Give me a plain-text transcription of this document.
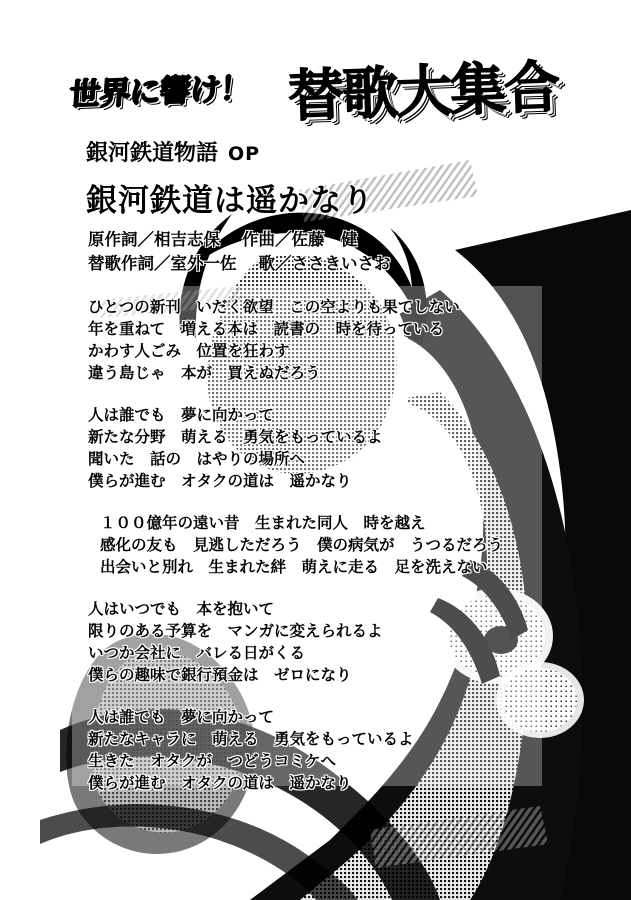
世界に響け！ 替歌大集合
銀河鉄道物語 OP
銀河鉄道は遥かなり
原作詞／相吉志保 作曲／佐藤　健
替歌作詞／室外一佐 歌／ささきいさお
ひとつの新刊　いだく欲望　この空よりも果てしない
年を重ねて　増える本は　読書の　時を待っている
かわす人ごみ　位置を狂わす
違う島じゃ　本が　買えぬだろう
人は誰でも　夢に向かって
新たな分野　萌える　勇気をもっているよ
聞いた　話の　はやりの場所へ
僕らが進む　オタクの道は　遥かなり
１００億年の遠い昔　生まれた同人　時を越え
感化の友も　見逃しただろう　僕の病気が　うつるだろう
出会いと別れ　生まれた絆　萌えに走る　足を洗えない
人はいつでも　本を抱いて
限りのある予算を　マンガに変えられるよ
いつか会社に　バレる日がくる
僕らの趣味で銀行預金は　ゼロになり
人は誰でも　夢に向かって
新たなキャラに　萌える　勇気をもっているよ
生きた　オタクが　つどうコミケへ
僕らが進む　オタクの道は　遥かなり
